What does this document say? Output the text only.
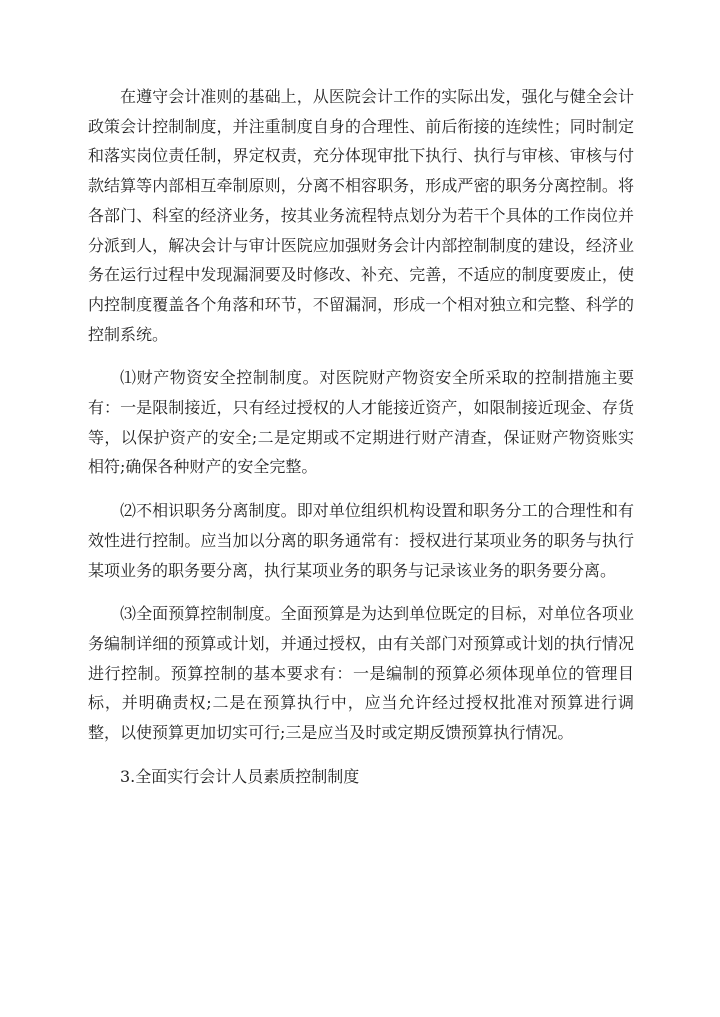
在遵守会计准则的基础上，从医院会计工作的实际出发，强化与健全会计政策会计控制制度，并注重制度自身的合理性、前后衔接的连续性；同时制定和落实岗位责任制，界定权责，充分体现审批下执行、执行与审核、审核与付款结算等内部相互牵制原则，分离不相容职务，形成严密的职务分离控制。将各部门、科室的经济业务，按其业务流程特点划分为若干个具体的工作岗位并分派到人，解决会计与审计医院应加强财务会计内部控制制度的建设，经济业务在运行过程中发现漏洞要及时修改、补充、完善，不适应的制度要废止，使内控制度覆盖各个角落和环节，不留漏洞，形成一个相对独立和完整、科学的控制系统。

⑴财产物资安全控制制度。对医院财产物资安全所采取的控制措施主要有：一是限制接近，只有经过授权的人才能接近资产，如限制接近现金、存货等，以保护资产的安全;二是定期或不定期进行财产清查，保证财产物资账实相符;确保各种财产的安全完整。

⑵不相识职务分离制度。即对单位组织机构设置和职务分工的合理性和有效性进行控制。应当加以分离的职务通常有：授权进行某项业务的职务与执行某项业务的职务要分离，执行某项业务的职务与记录该业务的职务要分离。

⑶全面预算控制制度。全面预算是为达到单位既定的目标，对单位各项业务编制详细的预算或计划，并通过授权，由有关部门对预算或计划的执行情况进行控制。预算控制的基本要求有：一是编制的预算必须体现单位的管理目标，并明确责权;二是在预算执行中，应当允许经过授权批准对预算进行调整，以使预算更加切实可行;三是应当及时或定期反馈预算执行情况。

3.全面实行会计人员素质控制制度
